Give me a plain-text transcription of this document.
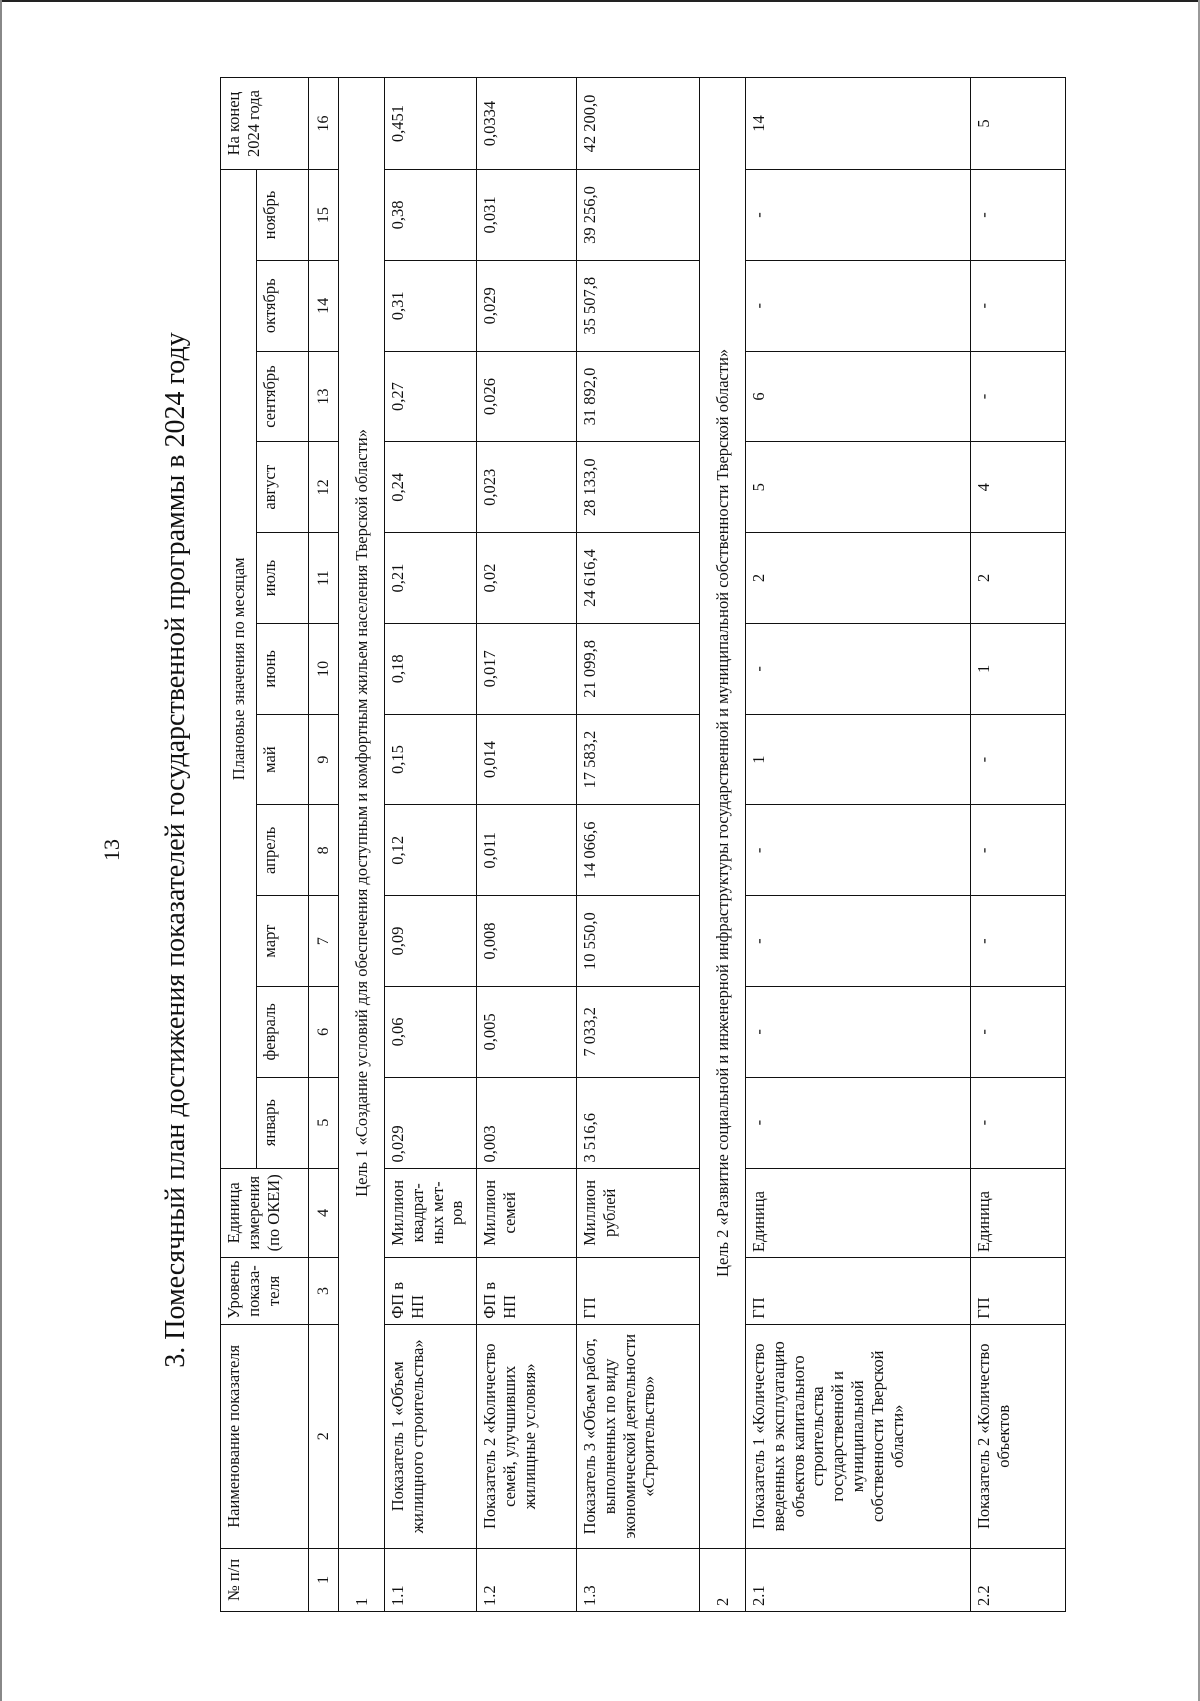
13 3. Помесячный план достижения показателей государственной программы в 2024 году
№ п/п	Наименование показателя	Уровень показа-теля	Единица измерения (по ОКЕИ)	Плановые значения по месяцам											На конец 2024 года
				январь	февраль	март	апрель	май	июнь	июль	август	сентябрь	октябрь	ноябрь	
1	2	3	4	5	6	7	8	9	10	11	12	13	14	15	16
1	Цель 1 «Создание условий для обеспечения доступным и комфортным жильем населения Тверской области»														
1.1	Показатель 1 «Объем жилищного строительства»	ФП в НП	Миллион квадрат-ных мет-ров	0,029	0,06	0,09	0,12	0,15	0,18	0,21	0,24	0,27	0,31	0,38	0,451
1.2	Показатель 2 «Количество семей, улучшивших жилищные условия»	ФП в НП	Миллион семей	0,003	0,005	0,008	0,011	0,014	0,017	0,02	0,023	0,026	0,029	0,031	0,0334
1.3	Показатель 3 «Объем работ, выполненных по виду экономической деятельности «Строительство»	ГП	Миллион рублей	3 516,6	7 033,2	10 550,0	14 066,6	17 583,2	21 099,8	24 616,4	28 133,0	31 892,0	35 507,8	39 256,0	42 200,0
2	Цель 2 «Развитие социальной и инженерной инфраструктуры государственной и муниципальной собственности Тверской области»														
2.1	Показатель 1 «Количество введенных в эксплуатацию объектов капитального строительства государственной и муниципальной собственности Тверской области»	ГП	Единица	-	-	-	-	1	-	2	5	6	-	-	14
2.2	Показатель 2 «Количество объектов	ГП	Единица	-	-	-	-	-	1	2	4	-	-	-	5
